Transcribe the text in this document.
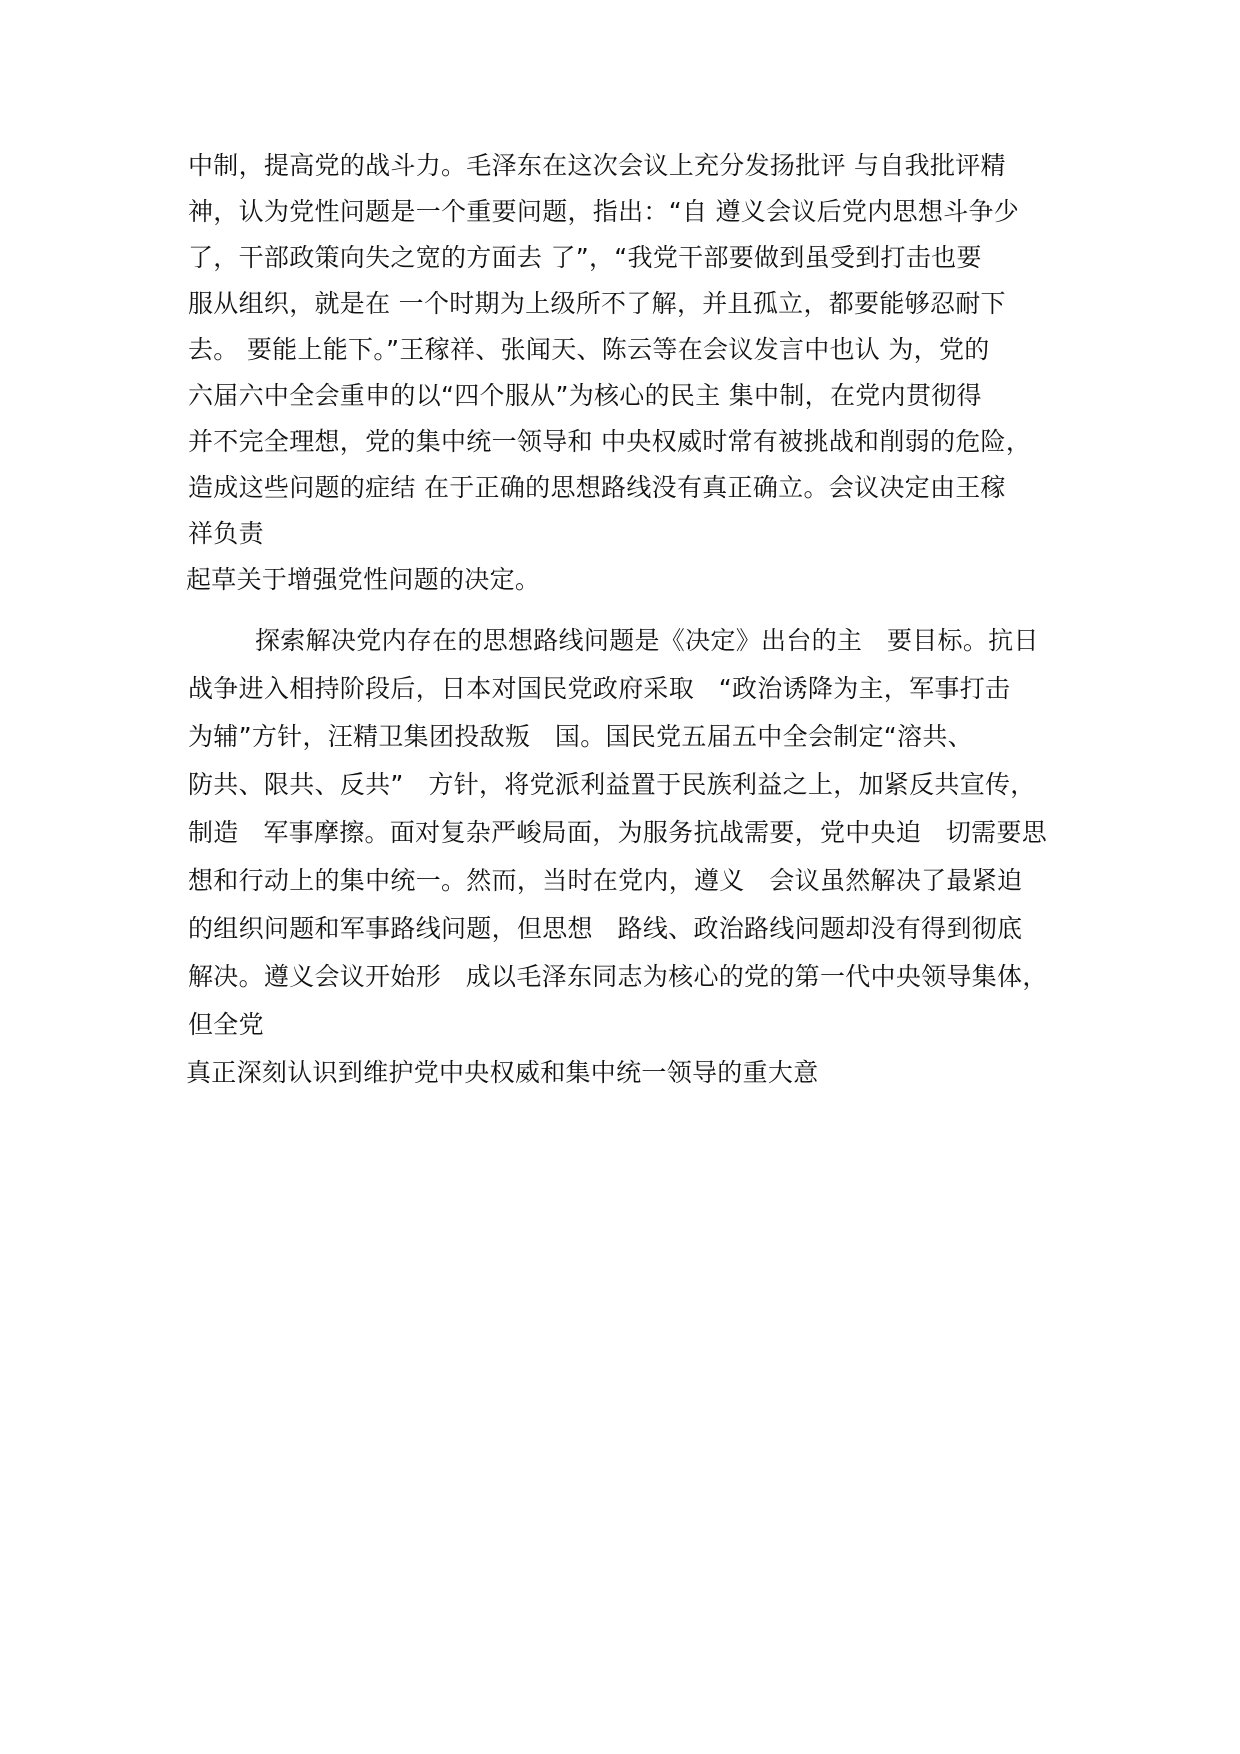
中制，提高党的战斗力。毛泽东在这次会议上充分发扬批评 与自我批评精

神，认为党性问题是一个重要问题，指出：“自 遵义会议后党内思想斗争少

了，干部政策向失之宽的方面去 了”，“我党干部要做到虽受到打击也要

服从组织，就是在 一个时期为上级所不了解，并且孤立，都要能够忍耐下

去。 要能上能下。”王稼祥、张闻天、陈云等在会议发言中也认 为，党的

六届六中全会重申的以“四个服从”为核心的民主 集中制，在党内贯彻得

并不完全理想，党的集中统一领导和 中央权威时常有被挑战和削弱的危险，

造成这些问题的症结 在于正确的思想路线没有真正确立。会议决定由王稼

祥负责

起草关于增强党性问题的决定。

探索解决党内存在的思想路线问题是《决定》出台的主   要目标。抗日

战争进入相持阶段后，日本对国民党政府采取   “政治诱降为主，军事打击

为辅”方针，汪精卫集团投敌叛   国。国民党五届五中全会制定“溶共、

防共、限共、反共”   方针，将党派利益置于民族利益之上，加紧反共宣传，

制造   军事摩擦。面对复杂严峻局面，为服务抗战需要，党中央迫   切需要思

想和行动上的集中统一。然而，当时在党内，遵义   会议虽然解决了最紧迫

的组织问题和军事路线问题，但思想   路线、政治路线问题却没有得到彻底

解决。遵义会议开始形   成以毛泽东同志为核心的党的第一代中央领导集体，

但全党

真正深刻认识到维护党中央权威和集中统一领导的重大意
